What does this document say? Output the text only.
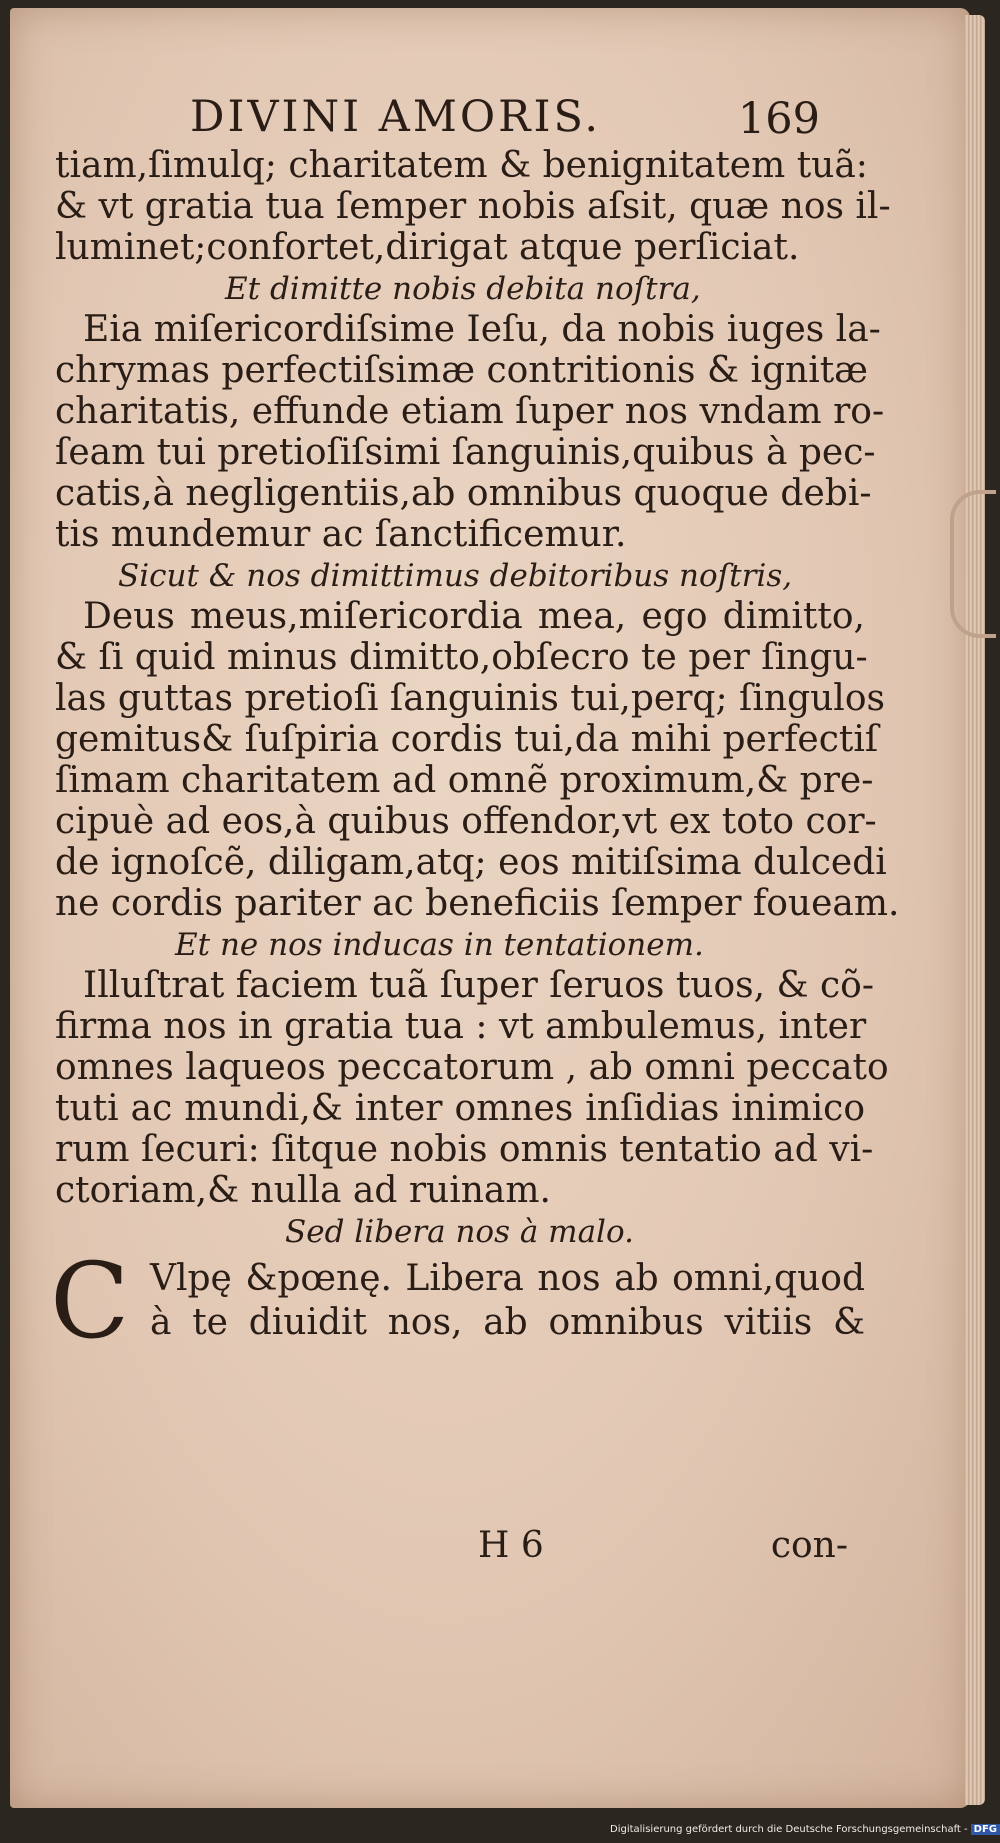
DIVINI AMORIS.	169
tiam,ſimulq; charitatem & benignitatem tuã:
& vt gratia tua ſemper nobis aſsit, quæ nos il-
luminet;confortet,dirigat atque perſiciat.
Et dimitte nobis debita noſtra,
Eia miſericordiſsime Ieſu, da nobis iuges la-
chrymas perfectiſsimæ contritionis & ignitæ
charitatis, effunde etiam ſuper nos vndam ro-
ſeam tui pretioſiſsimi ſanguinis,quibus à pec-
catis,à negligentiis,ab omnibus quoque debi-
tis mundemur ac ſanctificemur.
Sicut & nos dimittimus debitoribus noſtris,
Deus meus,miſericordia mea, ego dimitto,
& ſi quid minus dimitto,obſecro te per ſingu-
las guttas pretioſi ſanguinis tui,perq; ſingulos
gemitus& ſuſpiria cordis tui,da mihi perfectiſ
ſimam charitatem ad omnẽ proximum,& pre-
cipuè ad eos,à quibus offendor,vt ex toto cor-
de ignoſcẽ, diligam,atq; eos mitiſsima dulcedi
ne cordis pariter ac beneficiis ſemper foueam.
Et ne nos inducas in tentationem.
Illuſtrat faciem tuã ſuper ſeruos tuos, & cõ-
firma nos in gratia tua : vt ambulemus, inter
omnes laqueos peccatorum , ab omni peccato
tuti ac mundi,& inter omnes inſidias inimico
rum ſecuri: ſitque nobis omnis tentatio ad vi-
ctoriam,& nulla ad ruinam.
Sed libera nos à malo.
C Vlpę &pœnę. Libera nos ab omni,quod
à te diuidit nos, ab omnibus vitiis &
H 6	con-
Digitalisierung gefördert durch die Deutsche Forschungsgemeinschaft - DFG
